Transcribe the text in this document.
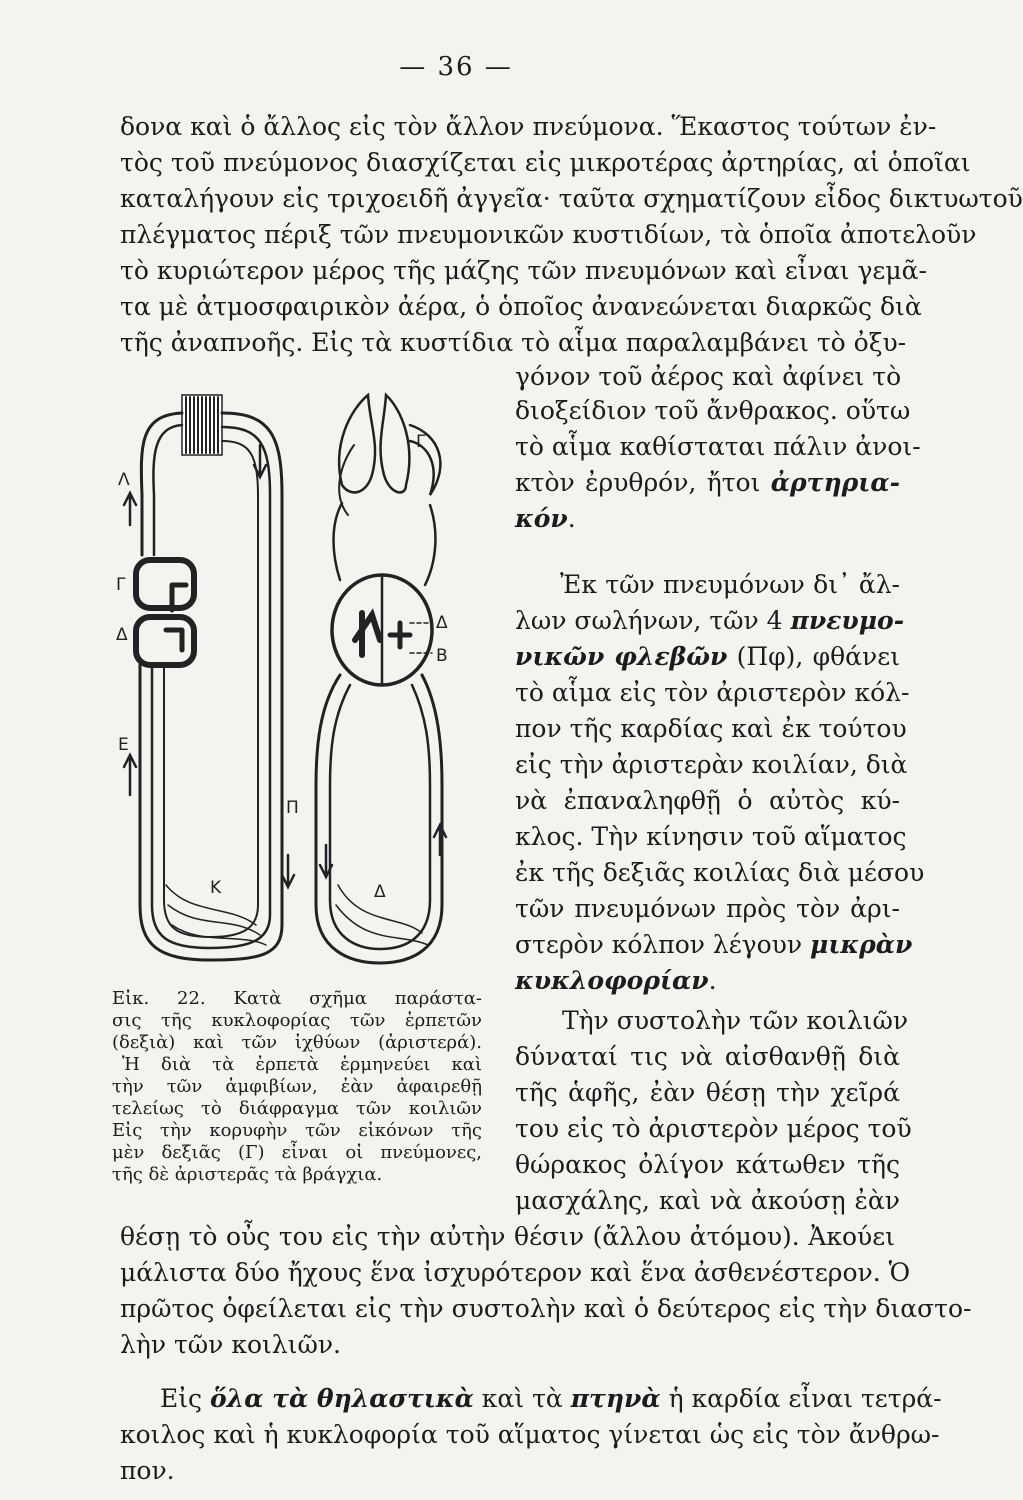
— 36 —
δονα καὶ ὁ ἄλλος εἰς τὸν ἄλλον πνεύμονα. Ἕκαστος τούτων ἐν-
τὸς τοῦ πνεύμονος διασχίζεται εἰς μικροτέρας ἀρτηρίας, αἱ ὁποῖαι
καταλήγουν εἰς τριχοειδῆ ἀγγεῖα· ταῦτα σχηματίζουν εἶδος δικτυωτοῦ
πλέγματος πέριξ τῶν πνευμονικῶν κυστιδίων, τὰ ὁποῖα ἀποτελοῦν
τὸ κυριώτερον μέρος τῆς μάζης τῶν πνευμόνων καὶ εἶναι γεμᾶ-
τα μὲ ἀτμοσφαιρικὸν ἀέρα, ὁ ὁποῖος ἀνανεώνεται διαρκῶς διὰ
τῆς ἀναπνοῆς. Εἰς τὰ κυστίδια τὸ αἷμα παραλαμβάνει τὸ ὀξυ-
γόνον τοῦ ἀέρος καὶ ἀφίνει τὸ
διοξείδιον τοῦ ἄνθρακος. οὕτω
τὸ αἷμα καθίσταται πάλιν ἀνοι-
κτὸν ἐρυθρόν, ἤτοι ἀρτηρια-
κόν.
Ἐκ τῶν πνευμόνων δι᾿ ἄλ-
λων σωλήνων, τῶν 4 πνευμο-
νικῶν φλεβῶν (Πφ), φθάνει
τὸ αἷμα εἰς τὸν ἀριστερὸν κόλ-
πον τῆς καρδίας καὶ ἐκ τούτου
εἰς τὴν ἀριστερὰν κοιλίαν, διὰ
νὰ ἐπαναληφθῇ ὁ αὐτὸς κύ-
κλος. Τὴν κίνησιν τοῦ αἵματος
ἐκ τῆς δεξιᾶς κοιλίας διὰ μέσου
τῶν πνευμόνων πρὸς τὸν ἀρι-
στερὸν κόλπον λέγουν μικρὰν
κυκλοφορίαν.
Τὴν συστολὴν τῶν κοιλιῶν
δύναταί τις νὰ αἰσθανθῇ διὰ
τῆς ἁφῆς, ἐὰν θέσῃ τὴν χεῖρά
του εἰς τὸ ἀριστερὸν μέρος τοῦ
θώρακος ὀλίγον κάτωθεν τῆς
μασχάλης, καὶ νὰ ἀκούσῃ ἐὰν
Λ
Γ
Δ
Ε
Κ
Π
Γ
Δ
Δ
Β
Εἰκ. 22. Κατὰ σχῆμα παράστα-
σις τῆς κυκλοφορίας τῶν ἑρπετῶν
(δεξιὰ) καὶ τῶν ἰχθύων (ἀριστερά).
Ἡ διὰ τὰ ἑρπετὰ ἑρμηνεύει καὶ
τὴν τῶν ἀμφιβίων, ἐὰν ἀφαιρεθῇ
τελείως τὸ διάφραγμα τῶν κοιλιῶν
Εἰς τὴν κορυφὴν τῶν εἰκόνων τῆς
μὲν δεξιᾶς (Γ) εἶναι οἱ πνεύμονες,
τῆς δὲ ἀριστερᾶς τὰ βράγχια.
θέσῃ τὸ οὖς του εἰς τὴν αὐτὴν θέσιν (ἄλλου ἀτόμου). Ἀκούει
μάλιστα δύο ἤχους ἕνα ἰσχυρότερον καὶ ἕνα ἀσθενέστερον. Ὁ
πρῶτος ὀφείλεται εἰς τὴν συστολὴν καὶ ὁ δεύτερος εἰς τὴν διαστο-
λὴν τῶν κοιλιῶν.
Εἰς ὅλα τὰ θηλαστικὰ καὶ τὰ πτηνὰ ἡ καρδία εἶναι τετρά-
κοιλος καὶ ἡ κυκλοφορία τοῦ αἵματος γίνεται ὡς εἰς τὸν ἄνθρω-
πον.
